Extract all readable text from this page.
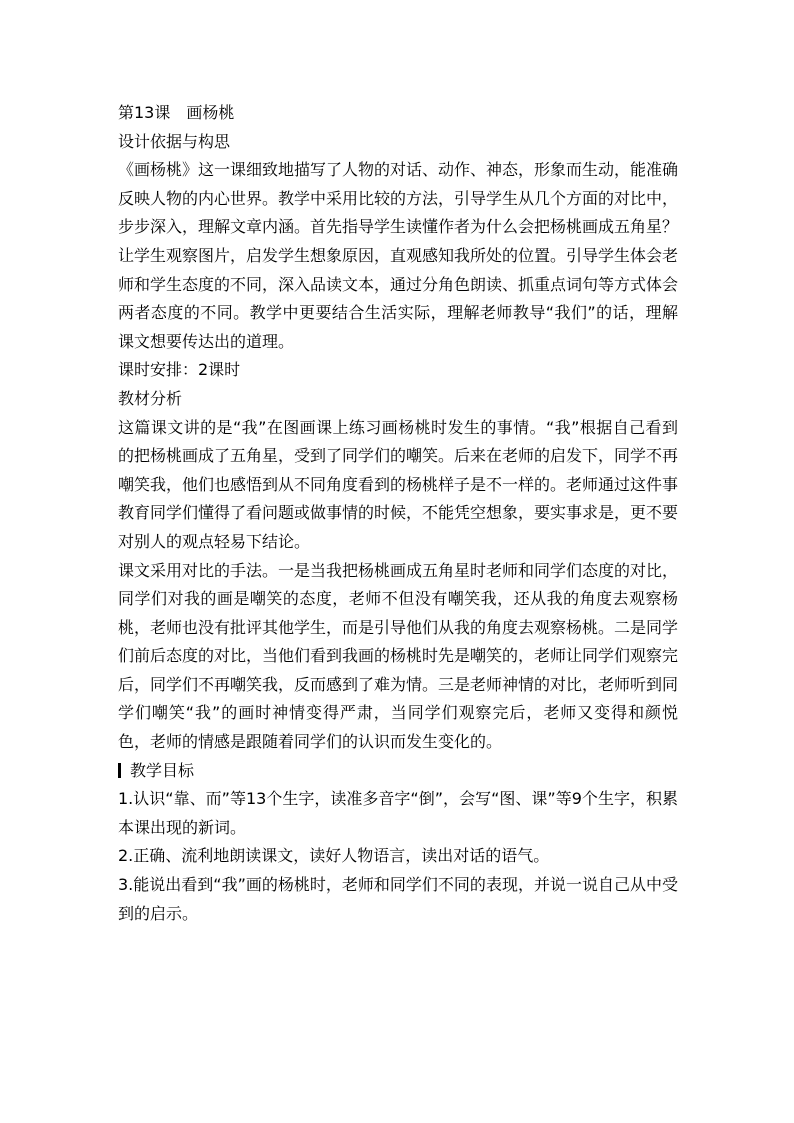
第13课　画杨桃
设计依据与构思

《画杨桃》这一课细致地描写了人物的对话、动作、神态，形象而生动，能准确反映人物的内心世界。教学中采用比较的方法，引导学生从几个方面的对比中，步步深入，理解文章内涵。首先指导学生读懂作者为什么会把杨桃画成五角星？让学生观察图片，启发学生想象原因，直观感知我所处的位置。引导学生体会老师和学生态度的不同，深入品读文本，通过分角色朗读、抓重点词句等方式体会两者态度的不同。教学中更要结合生活实际，理解老师教导“我们”的话，理解课文想要传达出的道理。

课时安排：2课时
教材分析

这篇课文讲的是“我”在图画课上练习画杨桃时发生的事情。“我”根据自己看到的把杨桃画成了五角星，受到了同学们的嘲笑。后来在老师的启发下，同学不再嘲笑我，他们也感悟到从不同角度看到的杨桃样子是不一样的。老师通过这件事教育同学们懂得了看问题或做事情的时候，不能凭空想象，要实事求是，更不要对别人的观点轻易下结论。

课文采用对比的手法。一是当我把杨桃画成五角星时老师和同学们态度的对比，同学们对我的画是嘲笑的态度，老师不但没有嘲笑我，还从我的角度去观察杨桃，老师也没有批评其他学生，而是引导他们从我的角度去观察杨桃。二是同学们前后态度的对比，当他们看到我画的杨桃时先是嘲笑的，老师让同学们观察完后，同学们不再嘲笑我，反而感到了难为情。三是老师神情的对比，老师听到同学们嘲笑“我”的画时神情变得严肃，当同学们观察完后，老师又变得和颜悦色，老师的情感是跟随着同学们的认识而发生变化的。

教学目标

1.认识“靠、而”等13个生字，读准多音字“倒”，会写“图、课”等9个生字，积累本课出现的新词。

2.正确、流利地朗读课文，读好人物语言，读出对话的语气。

3.能说出看到“我”画的杨桃时，老师和同学们不同的表现，并说一说自己从中受到的启示。
